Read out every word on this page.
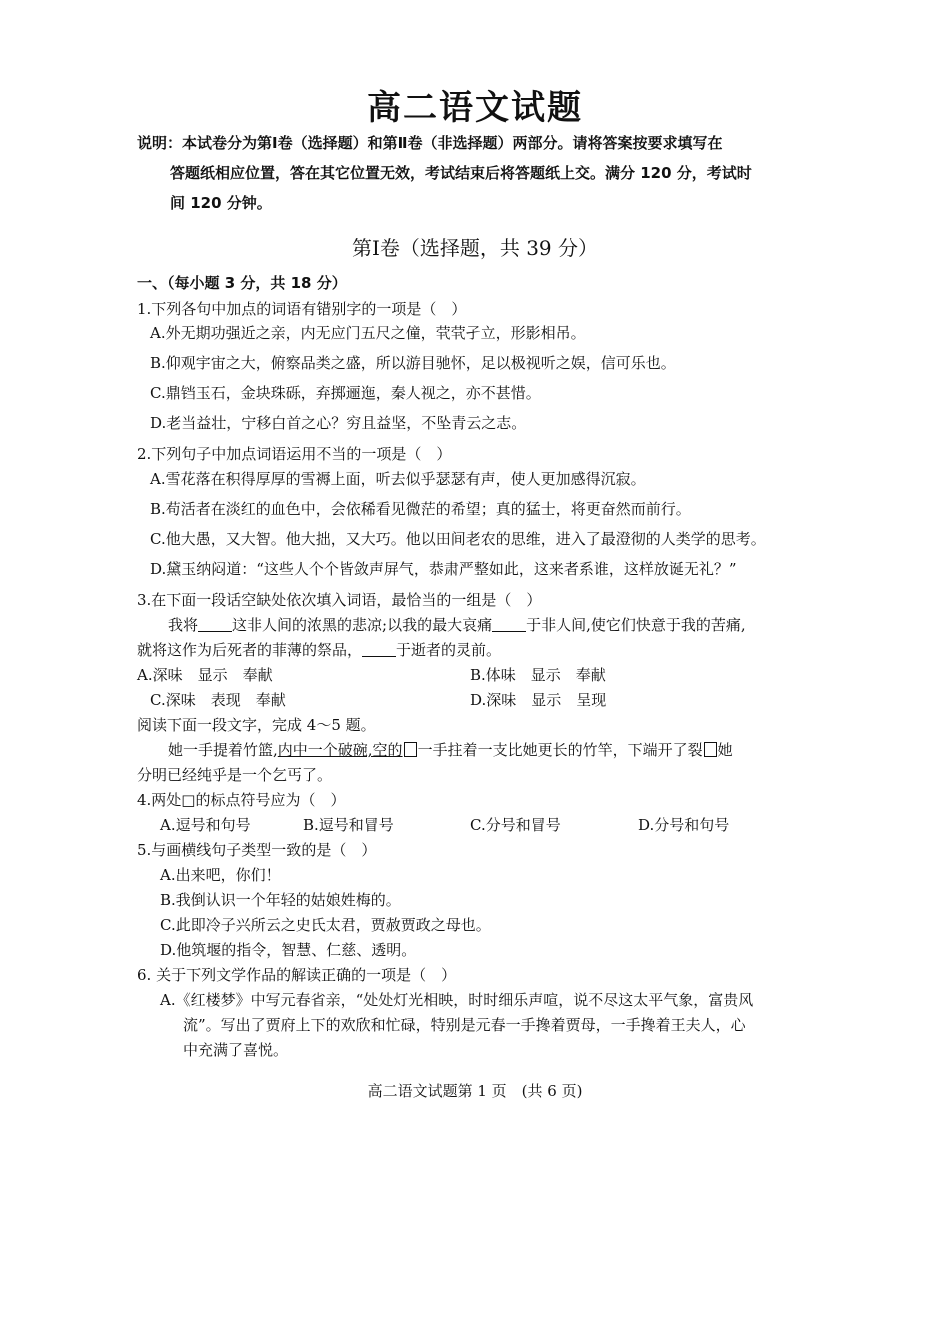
高二语文试题
说明：本试卷分为第Ⅰ卷（选择题）和第Ⅱ卷（非选择题）两部分。请将答案按要求填写在
答题纸相应位置，答在其它位置无效，考试结束后将答题纸上交。满分 120 分，考试时
间 120 分钟。
第Ⅰ卷（选择题，共 39 分）
一、（每小题 3 分，共 18 分）
1.下列各句中加点的词语有错别字的一项是（　）
A.外无期功强近之亲，内无应门五尺之僮，茕茕孑立，形影相吊。
B.仰观宇宙之大，俯察品类之盛，所以游目驰怀，足以极视听之娱，信可乐也。
C.鼎铛玉石，金块珠砾，弃掷逦迤，秦人视之，亦不甚惜。
D.老当益壮，宁移白首之心？穷且益坚，不坠青云之志。
2.下列句子中加点词语运用不当的一项是（　）
A.雪花落在积得厚厚的雪褥上面，听去似乎瑟瑟有声，使人更加感得沉寂。
B.苟活者在淡红的血色中，会依稀看见微茫的希望；真的猛士，将更奋然而前行。
C.他大愚，又大智。他大拙，又大巧。他以田间老农的思维，进入了最澄彻的人类学的思考。
D.黛玉纳闷道：“这些人个个皆敛声屏气，恭肃严整如此，这来者系谁，这样放诞无礼？”
3.在下面一段话空缺处依次填入词语，最恰当的一组是（　）
我将 这非人间的浓黑的悲凉;以我的最大哀痛 于非人间,使它们快意于我的苦痛,
就将这作为后死者的菲薄的祭品， 于逝者的灵前。
A.深味　显示　奉献	B.体味　显示　奉献
C.深味　表现　奉献	D.深味　显示　呈现
阅读下面一段文字，完成 4～5 题。
她一手提着竹篮,内中一个破碗,空的 一手拄着一支比她更长的竹竿，下端开了裂 她
分明已经纯乎是一个乞丐了。
4.两处□的标点符号应为（　）
A.逗号和句号	B.逗号和冒号	C.分号和冒号	D.分号和句号
5.与画横线句子类型一致的是（　）
A.出来吧，你们！
B.我倒认识一个年轻的姑娘姓梅的。
C.此即冷子兴所云之史氏太君，贾赦贾政之母也。
D.他筑堰的指令，智慧、仁慈、透明。
6. 关于下列文学作品的解读正确的一项是（　）
A.《红楼梦》中写元春省亲，“处处灯光相映，时时细乐声喧，说不尽这太平气象，富贵风
流”。写出了贾府上下的欢欣和忙碌，特别是元春一手搀着贾母，一手搀着王夫人，心
中充满了喜悦。
高二语文试题第 1 页　(共 6 页)
